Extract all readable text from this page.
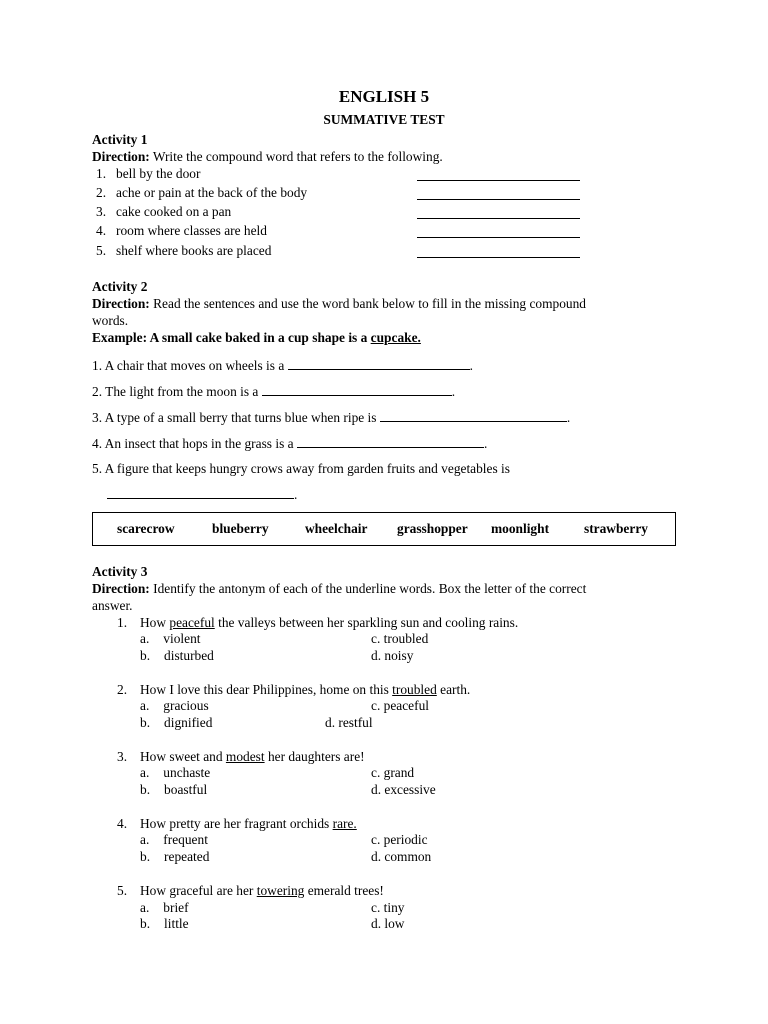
ENGLISH 5
SUMMATIVE TEST
Activity 1
Direction: Write the compound word that refers to the following.
1. bell by the door
2. ache or pain at the back of the body
3. cake cooked on a pan
4. room where classes are held
5. shelf where books are placed
Activity 2
Direction: Read the sentences and use the word bank below to fill in the missing compound
words.
Example: A small cake baked in a cup shape is a cupcake.
1. A chair that moves on wheels is a	.
2. The light from the moon is a	.
3. A type of a small berry that turns blue when ripe is	.
4. An insect that hops in the grass is a	.
5. A figure that keeps hungry crows away from garden fruits and vegetables is
.
scarecrow	blueberry	wheelchair grasshopper moonlight	strawberry
Activity 3
Direction: Identify the antonym of each of the underline words. Box the letter of the correct
answer.
1. How peaceful the valleys between her sparkling sun and cooling rains.
a. violent
b. disturbed
c. troubled
d. noisy
2. How I love this dear Philippines, home on this troubled earth.
a. gracious
b. dignified
c. peaceful
d. restful
3. How sweet and modest her daughters are!
a. unchaste
b. boastful
c. grand
d. excessive
4. How pretty are her fragrant orchids rare.
a. frequent
b. repeated
c. periodic
d. common
5. How graceful are her towering emerald trees!
a. brief
b. little
c. tiny
d. low
